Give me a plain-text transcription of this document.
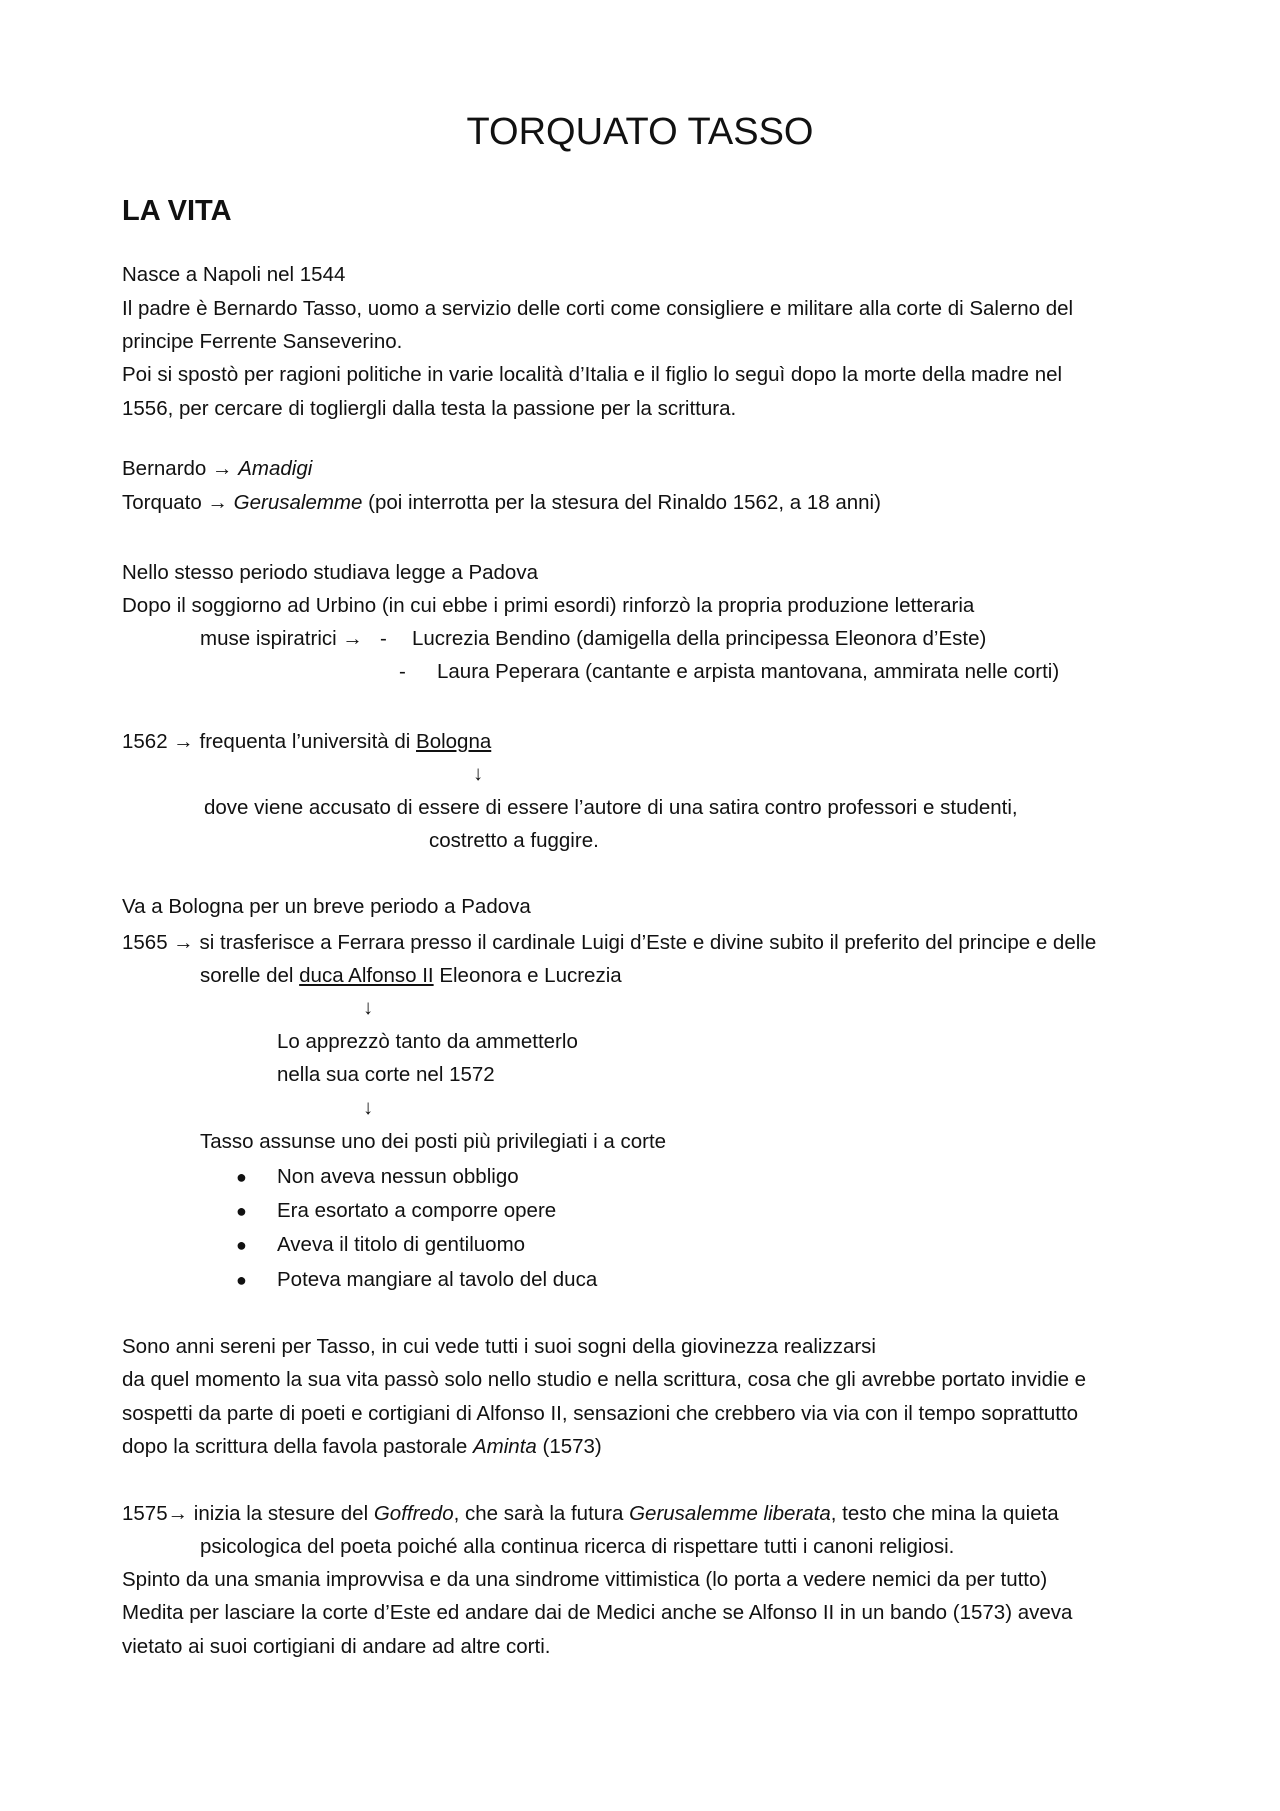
TORQUATO TASSO
LA VITA

Nasce a Napoli nel 1544

Il padre è Bernardo Tasso, uomo a servizio delle corti come consigliere e militare alla corte di Salerno del

principe Ferrente Sanseverino.

Poi si spostò per ragioni politiche in varie località d’Italia e il figlio lo seguì dopo la morte della madre nel

1556, per cercare di togliergli dalla testa la passione per la scrittura.

Bernardo → Amadigi

Torquato → Gerusalemme (poi interrotta per la stesura del Rinaldo 1562, a 18 anni)

Nello stesso periodo studiava legge a Padova

Dopo il soggiorno ad Urbino (in cui ebbe i primi esordi) rinforzò la propria produzione letteraria

muse ispiratrici → - Lucrezia Bendino (damigella della principessa Eleonora d’Este)

- Laura Peperara (cantante e arpista mantovana, ammirata nelle corti)

1562 → frequenta l’università di Bologna

↓

dove viene accusato di essere di essere l’autore di una satira contro professori e studenti,

costretto a fuggire.

Va a Bologna per un breve periodo a Padova

1565 → si trasferisce a Ferrara presso il cardinale Luigi d’Este e divine subito il preferito del principe e delle

sorelle del duca Alfonso II Eleonora e Lucrezia

↓

Lo apprezzò tanto da ammetterlo

nella sua corte nel 1572

↓

Tasso assunse uno dei posti più privilegiati i a corte

● Non aveva nessun obbligo

● Era esortato a comporre opere

● Aveva il titolo di gentiluomo

● Poteva mangiare al tavolo del duca

Sono anni sereni per Tasso, in cui vede tutti i suoi sogni della giovinezza realizzarsi

da quel momento la sua vita passò solo nello studio e nella scrittura, cosa che gli avrebbe portato invidie e

sospetti da parte di poeti e cortigiani di Alfonso II, sensazioni che crebbero via via con il tempo soprattutto

dopo la scrittura della favola pastorale Aminta (1573)

1575→ inizia la stesure del Goffredo, che sarà la futura Gerusalemme liberata, testo che mina la quieta

psicologica del poeta poiché alla continua ricerca di rispettare tutti i canoni religiosi.

Spinto da una smania improvvisa e da una sindrome vittimistica (lo porta a vedere nemici da per tutto)

Medita per lasciare la corte d’Este ed andare dai de Medici anche se Alfonso II in un bando (1573) aveva

vietato ai suoi cortigiani di andare ad altre corti.
